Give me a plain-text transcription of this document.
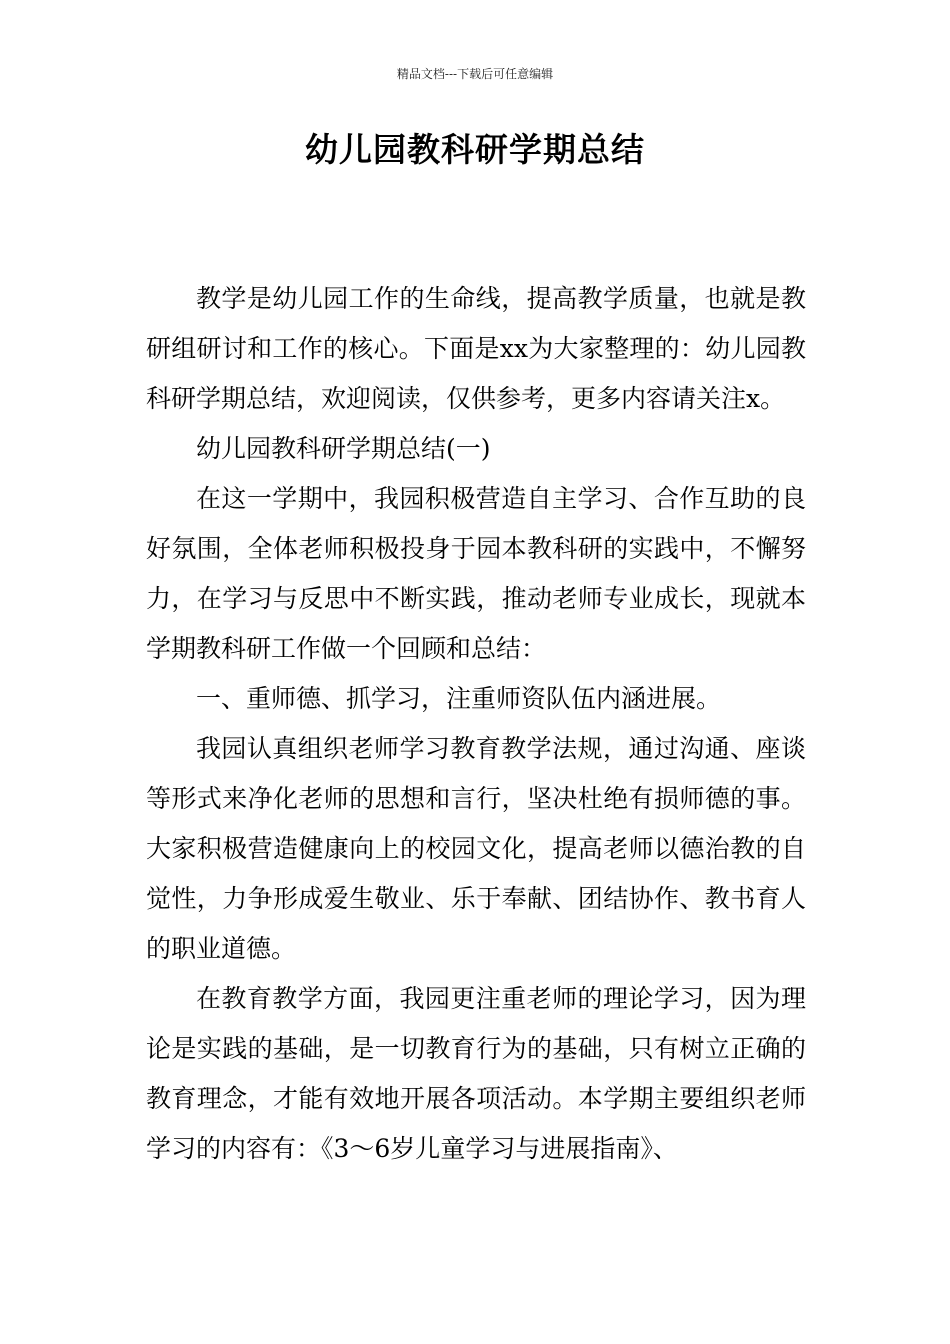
精品文档---下载后可任意编辑
幼儿园教科研学期总结

教学是幼儿园工作的生命线，提高教学质量，也就是教研组研讨和工作的核心。下面是xx为大家整理的：幼儿园教科研学期总结，欢迎阅读，仅供参考，更多内容请关注x。

幼儿园教科研学期总结(一)

在这一学期中，我园积极营造自主学习、合作互助的良好氛围，全体老师积极投身于园本教科研的实践中，不懈努力，在学习与反思中不断实践，推动老师专业成长，现就本学期教科研工作做一个回顾和总结：

一、重师德、抓学习，注重师资队伍内涵进展。

我园认真组织老师学习教育教学法规，通过沟通、座谈等形式来净化老师的思想和言行，坚决杜绝有损师德的事。大家积极营造健康向上的校园文化，提高老师以德治教的自觉性，力争形成爱生敬业、乐于奉献、团结协作、教书育人的职业道德。

在教育教学方面，我园更注重老师的理论学习，因为理论是实践的基础，是一切教育行为的基础，只有树立正确的教育理念，才能有效地开展各项活动。本学期主要组织老师学习的内容有：《3～6岁儿童学习与进展指南》、
